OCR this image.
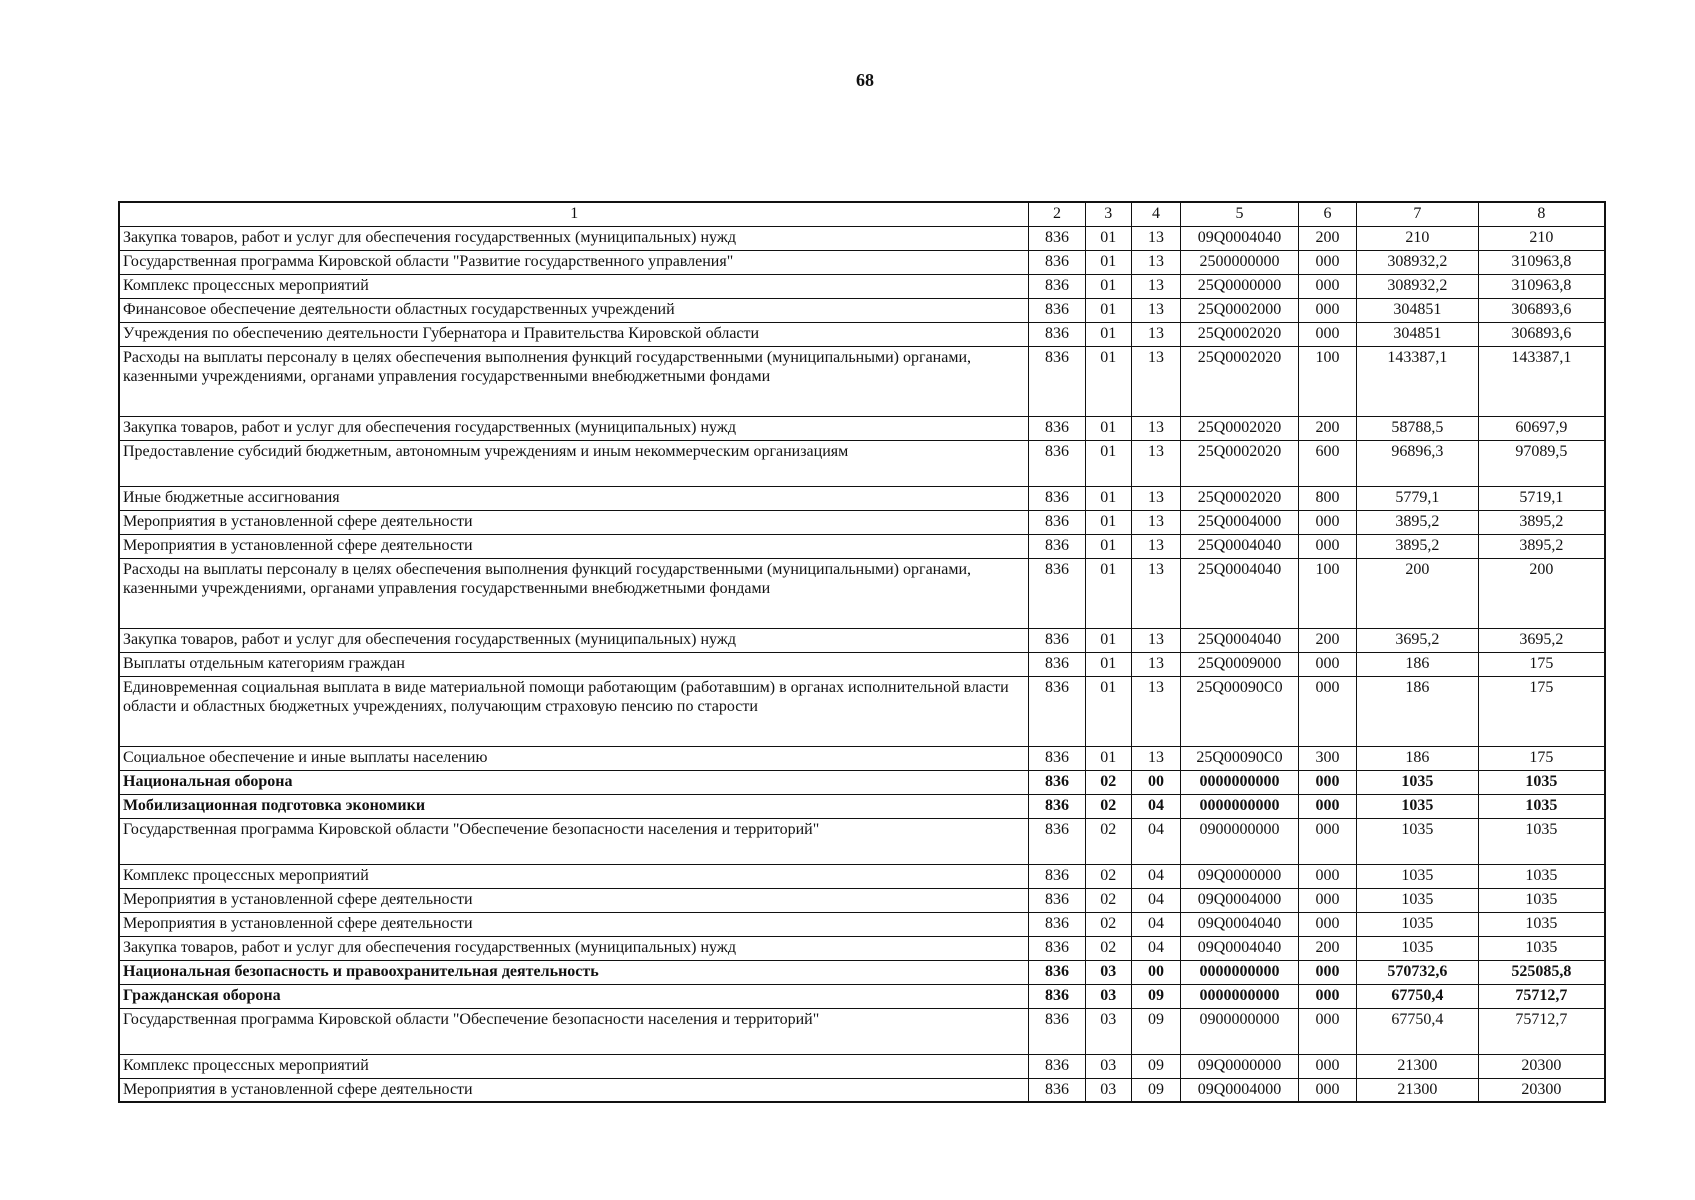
68
1	2	3	4	5	6	7	8
Закупка товаров, работ и услуг для обеспечения государственных (муниципальных) нужд	836	01	13	09Q0004040	200	210	210
Государственная программа Кировской области "Развитие государственного управления"	836	01	13	2500000000	000	308932,2	310963,8
Комплекс процессных мероприятий	836	01	13	25Q0000000	000	308932,2	310963,8
Финансовое обеспечение деятельности областных государственных учреждений	836	01	13	25Q0002000	000	304851	306893,6
Учреждения по обеспечению деятельности Губернатора и Правительства Кировской области	836	01	13	25Q0002020	000	304851	306893,6
Расходы на выплаты персоналу в целях обеспечения выполнения функций государственными (муниципальными) органами, казенными учреждениями, органами управления государственными внебюджетными фондами	836	01	13	25Q0002020	100	143387,1	143387,1
Закупка товаров, работ и услуг для обеспечения государственных (муниципальных) нужд	836	01	13	25Q0002020	200	58788,5	60697,9
Предоставление субсидий бюджетным, автономным учреждениям и иным некоммерческим организациям	836	01	13	25Q0002020	600	96896,3	97089,5
Иные бюджетные ассигнования	836	01	13	25Q0002020	800	5779,1	5719,1
Мероприятия в установленной сфере деятельности	836	01	13	25Q0004000	000	3895,2	3895,2
Мероприятия в установленной сфере деятельности	836	01	13	25Q0004040	000	3895,2	3895,2
Расходы на выплаты персоналу в целях обеспечения выполнения функций государственными (муниципальными) органами, казенными учреждениями, органами управления государственными внебюджетными фондами	836	01	13	25Q0004040	100	200	200
Закупка товаров, работ и услуг для обеспечения государственных (муниципальных) нужд	836	01	13	25Q0004040	200	3695,2	3695,2
Выплаты отдельным категориям граждан	836	01	13	25Q0009000	000	186	175
Единовременная социальная выплата в виде материальной помощи работающим (работавшим) в органах исполнительной власти области и областных бюджетных учреждениях, получающим страховую пенсию по старости	836	01	13	25Q00090C0	000	186	175
Социальное обеспечение и иные выплаты населению	836	01	13	25Q00090C0	300	186	175
Национальная оборона	836	02	00	0000000000	000	1035	1035
Мобилизационная подготовка экономики	836	02	04	0000000000	000	1035	1035
Государственная программа Кировской области "Обеспечение безопасности населения и территорий"	836	02	04	0900000000	000	1035	1035
Комплекс процессных мероприятий	836	02	04	09Q0000000	000	1035	1035
Мероприятия в установленной сфере деятельности	836	02	04	09Q0004000	000	1035	1035
Мероприятия в установленной сфере деятельности	836	02	04	09Q0004040	000	1035	1035
Закупка товаров, работ и услуг для обеспечения государственных (муниципальных) нужд	836	02	04	09Q0004040	200	1035	1035
Национальная безопасность и правоохранительная деятельность	836	03	00	0000000000	000	570732,6	525085,8
Гражданская оборона	836	03	09	0000000000	000	67750,4	75712,7
Государственная программа Кировской области "Обеспечение безопасности населения и территорий"	836	03	09	0900000000	000	67750,4	75712,7
Комплекс процессных мероприятий	836	03	09	09Q0000000	000	21300	20300
Мероприятия в установленной сфере деятельности	836	03	09	09Q0004000	000	21300	20300
